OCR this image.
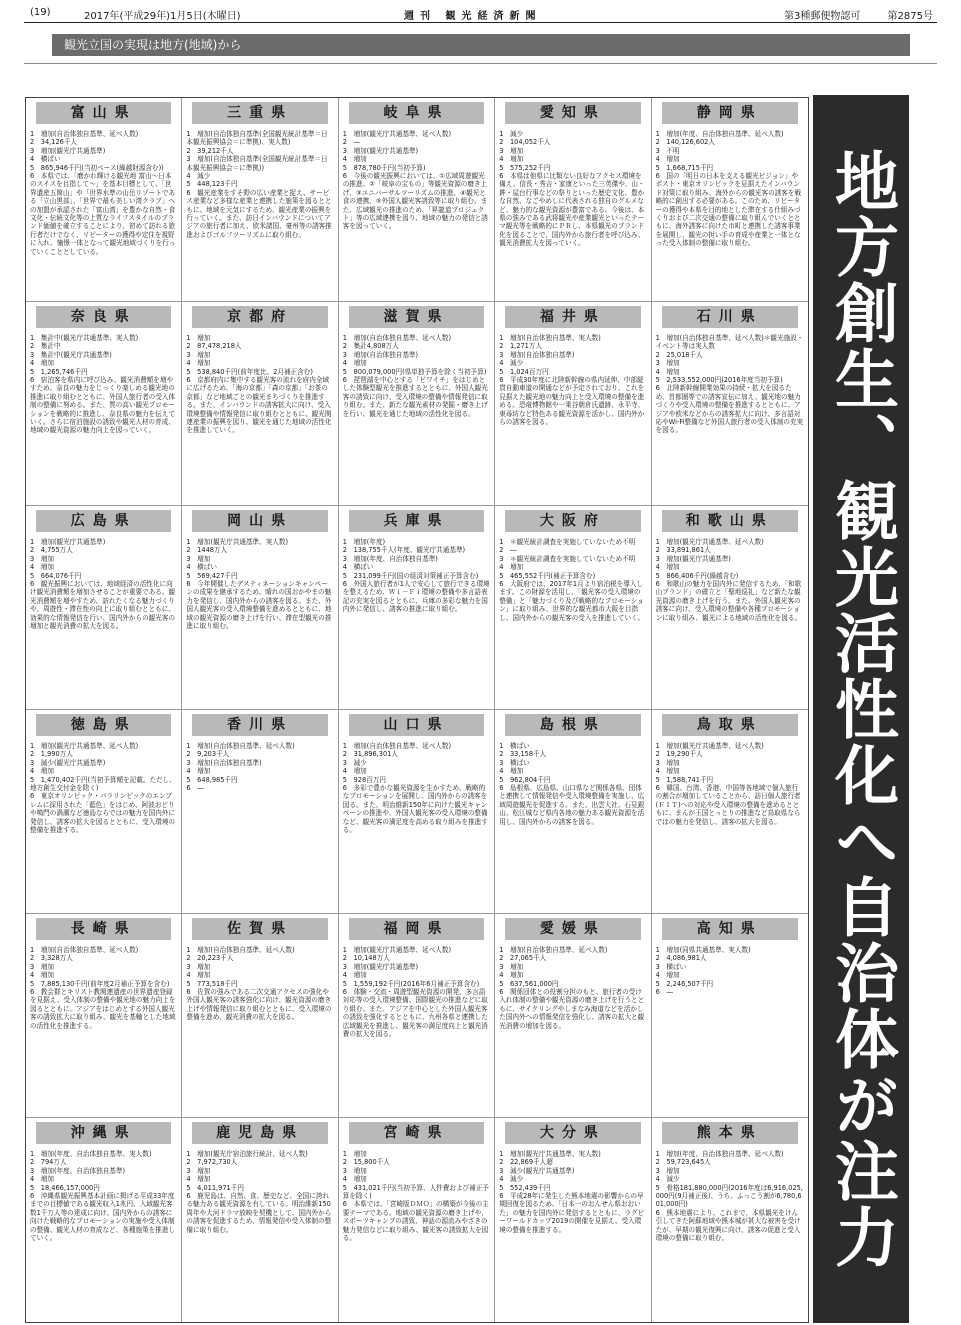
(19)	2017年(平成29年)1月5日(木曜日)	週刊 観光経済新聞	第3種郵便物認可	第2875号
観光立国の実現は地方(地域)から
富山県
1　増加(自治体独自基準、延べ人数)
2　34,126千人
3　増加(観光庁共通基準)
4　横ばい
5　865,946千円(当初ベース(繰越財源含む))
6　本県では、「磨かれ輝ける観光地 富山～日本のスイスを目指して～」を基本目標として、「世界遺産五箇山」や「世界水準の山岳リゾートである「立山黒部」、「世界で最も美しい湾クラブ」への加盟が承認された「富山湾」を豊かな自然・食文化・伝統文化等の上質なライフスタイルのブランド価値を確立することにより、初めて訪れる旅行者だけでなく、リピーターの獲得や定住を視野に入れ、憧憬一体となって観光地域づくりを行っていくこととしている。
三重県
1　増加(自治体独自基準(全国観光統計基準＝日本観光振興協会＝に準拠)、実人数)
2　39,212千人
3　増加(自治体独自基準(全国観光統計基準＝日本観光振興協会＝に準拠))
4　減少
5　448,123千円
6　観光産業をすそ野の広い産業と捉え、サービス産業など多様な産業と連携した施策を図るとともに、地域を元気にするため、観光産業の振興を行っていく。また、訪日インバウンドについてアジアの旅行者に加え、欧米諸国、豪州等の誘客推進およびゴルフツーリズムに取り組む。
岐阜県
1　増加(観光庁共通基準、延べ人数)
2　―
3　増加(観光庁共通基準)
4　増加
5　878,780千円(当初予算)
6　今後の観光振興においては、①広域周遊観光の推進、②「岐阜の宝もの」等観光資源の磨き上げ、③ユニバーサルツーリズムの推進、④観光と食の連携、⑤外国人観光客誘致等に取り組む。また、広域観光の推進のため、「昇龍道プロジェクト」等の広域連携を図り、地域の魅力の発信と誘客を図っていく。
愛知県
1　減少
2　104,052千人
3　増加
4　増加
5　575,252千円
6　本県は他県に比類ない良好なアクセス環境を備え、信長・秀吉・家康といった三英傑や、山・鉾・屋台行事などの祭りといった歴史文化、豊かな自然、なごやめしに代表される独自のグルメなど、魅力的な観光資源が豊富である。今後は、本県の強みである武将観光や産業観光といったテーマ観光等を戦略的にＰＲし、本県観光のブランド化を図ることで、国内外から旅行者を呼び込み、観光消費拡大を図っていく。
静岡県
1　増加(年度、自治体独自基準、延べ人数)
2　140,126,602人
3　不明
4　増加
5　1,668,715千円
6　国の「明日の日本を支える観光ビジョン」や ポスト・東京オリンピックを見据えたインバウンド対策に取り組み、海外からの観光客の誘客を戦略的に創出する必要がある。このため、リピーターの獲得や本県を目的地とした滞在する仕組みづくりおよび二次交通の整備に取り組んでいくとともに、海外誘客に向けた市町と連携した誘客事業を展開し、観光の担い手の育成や産業と一体となった受入体制の整備に取り組む。
奈良県
1　集計中(観光庁共通基準、実人数)
2　集計中
3　集計中(観光庁共通基準)
4　増加
5　1,265,746千円
6　宿泊客を県内に呼び込み、観光消費額を増やすため、奈良の魅力をじっくり楽しめる観光地の推進に取り組むとともに、外国人旅行者の受入体制の整備に努める。また、質の高い観光プロモーションを戦略的に推進し、奈良県の魅力を伝えていく。さらに宿泊施設の誘致や観光人材の育成、地域の観光資源の魅力向上を図っていく。
京都府
1　増加
2　87,478,218人
3　増加
4　増加
5　538,840千円(前年度比、2月補正含む)
6　京都府内に集中する観光客の流れを府内全域に広げるため、「海の京都」「森の京都」「お茶の京都」など地域ごとの観光まちづくりを推進する。また、インバウンドの誘客拡大に向け、受入環境整備や情報発信に取り組むとともに、観光関連産業の振興を図り、観光を通じた地域の活性化を推進していく。
滋賀県
1　増加(自治体独自基準、延べ人数)
2　集計4,808万人
3　増加(自治体独自基準)
4　増加
5　800,079,000円(県単独予算を除く当初予算)
6　琵琶湖を中心とする「ビワイチ」をはじめとした体験型観光を推進するとともに、外国人観光客の誘致に向け、受入環境の整備や情報発信に取り組む。また、新たな観光素材の発掘・磨き上げを行い、観光を通じた地域の活性化を図る。
福井県
1　増加(自治体独自基準、実人数)
2　1,271万人
3　増加(自治体独自基準)
4　減少
5　1,024百万円
6　平成30年度に北陸新幹線の県内延伸、中部縦貫自動車道の開通などが予定されており、これを見据えた観光地の魅力向上と受入環境の整備を進める。恐竜博物館や一乗谷朝倉氏遺跡、永平寺、東尋坊など特色ある観光資源を活かし、国内外からの誘客を図る。
石川県
1　増加(自治体独自基準、延べ人数)＊観光施設・イベント等は実人数
2　25,018千人
3　増加
4　増加
5　2,533,552,000円(2016年度当初予算)
6　北陸新幹線開業効果の持続・拡大を図るため、首都圏等での誘客宣伝に加え、観光地の魅力づくりや受入環境の整備を推進するとともに、アジアや欧米などからの誘客拡大に向け、多言語対応やWi-Fi整備など外国人旅行者の受入体制の充実を図る。
広島県
1　増加(観光庁共通基準)
2　4,755万人
3　増加
4　増加
5　664,076千円
6　観光振興においては、地域経済の活性化に向け観光消費額を増加させることが重要である。観光消費額を増やすため、訪れたくなる魅力づくりや、周遊性・滞在性の向上に取り組むとともに、効果的な情報発信を行い、国内外からの観光客の増加と観光消費の拡大を図る。
岡山県
1　増加(観光庁共通基準、実人数)
2　1448万人
3　増加
4　横ばい
5　569,427千円
6　今年開催したデスティネーションキャンペーンの成果を継承するため、晴れの国おかやまの魅力を発信し、国内外からの誘客を図る。また、外国人観光客の受入環境整備を進めるとともに、地域の観光資源の磨き上げを行い、滞在型観光の推進に取り組む。
兵庫県
1　増加(年度)
2　138,755千人(年度、観光庁共通基準)
3　増加(年度、自治体独自基準)
4　横ばい
5　231,099千円(国の経済対策補正予算含む)
6　外国人旅行者が1人で安心して旅行できる環境を整えるため、Ｗｉ－Ｆｉ環境の整備や多言語表記の充実を図るとともに、兵庫の多彩な魅力を国内外に発信し、誘客の推進に取り組む。
大阪府
1　＊観光統計調査を実施していないため不明
2　―
3　＊観光統計調査を実施していないため不明
4　増加
5　465,552千円(補正予算含む)
6　大阪府では、2017年1月より宿泊税を導入します。この財源を活用し、「観光客の受入環境の整備」と「魅力づくり及び戦略的なプロモーション」に取り組み、世界的な観光都市大阪を目指し、国内外からの観光客の受入を推進していく。
和歌山県
1　増加(観光庁共通基準、延べ人数)
2　33,891,861人
3　増加(観光庁共通基準)
4　増加
5　866,406千円(繰越含む)
6　和歌山の魅力を国内外に発信するため、「和歌山ブランド」の確立と「聖地巡礼」など新たな観光資源の磨き上げを行う。また、外国人観光客の誘客に向け、受入環境の整備や各種プロモーションに取り組み、観光による地域の活性化を図る。
徳島県
1　増加(観光庁共通基準、延べ人数)
2　1,990万人
3　減少(観光庁共通基準)
4　増加
5　1,470,402千円(当初予算額を記載。ただし、地方創生交付金を除く)
6　東京オリンピック・パラリンピックのエンブレムに採用された「藍色」をはじめ、阿波おどりや鳴門の渦潮など徳島ならではの魅力を国内外に発信し、誘客の拡大を図るとともに、受入環境の整備を推進する。
香川県
1　増加(自治体独自基準、延べ人数)
2　9,203千人
3　増加(自治体独自基準)
4　増加
5　648,985千円
6　―
山口県
1　増加(自治体独自基準、延べ人数)
2　31,896,301人
3　減少
4　増加
5　928百万円
6　多彩で豊かな観光資源を生かすため、戦略的なプロモーションを展開し、国内外からの誘客を図る。また、明治維新150年に向けた観光キャンペーンの推進や、外国人観光客の受入環境の整備など、観光客の満足度を高める取り組みを推進する。
島根県
1　横ばい
2　33,158千人
3　横ばい
4　増加
5　962,804千円
6　島根県、広島県、山口県など関係各県、団体と連携して情報発信や受入環境整備を実施し、広域周遊観光を促進する。また、出雲大社、石見銀山、松江城など県内各地の魅力ある観光資源を活用し、国内外からの誘客を図る。
鳥取県
1　増加(観光庁共通基準、延べ人数)
2　19,290千人
3　増加
4　増加
5　1,588,741千円
6　韓国、台湾、香港、中国等各地域で個人旅行の割合が増加していることから、訪日個人旅行者(ＦＩＴ)への対応や受入環境の整備を進めるとともに、まんが王国とっとりの推進など鳥取県ならではの魅力を発信し、誘客の拡大を図る。
長崎県
1　増加(自治体独自基準、延べ人数)
2　3,328万人
3　増加
4　増加
5　7,885,130千円(前年度2月補正予算を含む)
6　教会群とキリスト教関連遺産の世界遺産登録を見据え、受入体制の整備や観光地の魅力向上を図るとともに、アジアをはじめとする外国人観光客の誘致拡大に取り組み、観光を基軸とした地域の活性化を推進する。
佐賀県
1　増加(自治体独自基準、延べ人数)
2　20,223千人
3　増加
4　増加
5　773,518千円
6　佐賀の強みである二次交通アクセスの強化や外国人観光客の誘客強化に向け、観光資源の磨き上げや情報発信に取り組むとともに、受入環境の整備を進め、観光消費の拡大を図る。
福岡県
1　増加(観光庁共通基準、延べ人数)
2　10,148万人
3　増加(観光庁共通基準)
4　増加
5　1,559,192千円(2016年6月補正予算含む)
6　体験・交流・周遊型観光資源の開発、多言語対応等の受入環境整備、国際観光の推進などに取り組む。また、アジアを中心とした外国人観光客の誘致を強化するとともに、九州各県と連携した広域観光を推進し、観光客の満足度向上と観光消費の拡大を図る。
愛媛県
1　増加(自治体独自基準、延べ人数)
2　27,065千人
3　増加
4　増加
5　637,561,000円
6　関係団体との役割分担のもと、旅行者の受け入れ体制の整備や観光資源の磨き上げを行うとともに、サイクリングやしまなみ海道などを活かした国内外への情報発信を強化し、誘客の拡大と観光消費の増加を図る。
高知県
1　増加(同県共通基準、実人数)
2　4,086,981人
3　横ばい
4　増加
5　2,246,507千円
6　―
沖縄県
1　増加(年度、自治体独自基準、実人数)
2　794万人
3　増加(年度、自治体独自基準)
4　増加
5　18,466,157,000円
6　沖縄県観光振興基本計画に掲げる平成33年度までの目標値である観光収入1兆円、入域観光客数1千万人等の達成に向け、国内外からの誘客に向けた戦略的なプロモーションの実施や受入体制の整備、観光人材の育成など、各種施策を推進していく。
鹿児島県
1　増加(観光庁宿泊旅行統計、延べ人数)
2　7,972,730人
3　増加
4　増加
5　4,011,971千円
6　鹿児島は、自然、食、歴史など、全国に誇れる魅力ある観光資源を有している。明治維新150周年や大河ドラマ放映を契機として、国内外からの誘客を促進するため、情報発信や受入体制の整備に取り組む。
宮崎県
1　増加
2　15,800千人
3　増加
4　増加
5　431,021千円(当初予算、人件費および補正予算を除く)
6　本県では、「宮崎版ＤＭＯ」の構築が今後の主要テーマである。地域の観光資源の磨き上げや、スポーツキャンプの誘致、神話の源流みやざきの魅力発信などに取り組み、観光客の誘致拡大を図る。
大分県
1　増加(観光庁共通基準、実人数)
2　22,869千人超
3　減少(観光庁共通基準)
4　減少
5　552,439千円
6　平成28年に発生した熊本地震の影響からの早期回復を図るため、「日本一のおんせん県おおいた」の魅力を国内外に発信するとともに、ラグビーワールドカップ2019の開催を見据え、受入環境の整備を推進する。
熊本県
1　増加(年度、自治体独自基準、延べ人数)
2　59,723,645人
3　増加
4　減少
5　骨格181,880,000円(2016年度は6,916,025,000円(9月補正後)、うち、ふっこう割が6,780,601,000円)
6　熊本地震により、これまで、本県観光をけん引してきた阿蘇地域や熊本城が甚大な被害を受けたが、早期の観光復興に向け、誘客の促進と受入環境の整備に取り組む。	地方創生、観光活性化へ自治体が注力
